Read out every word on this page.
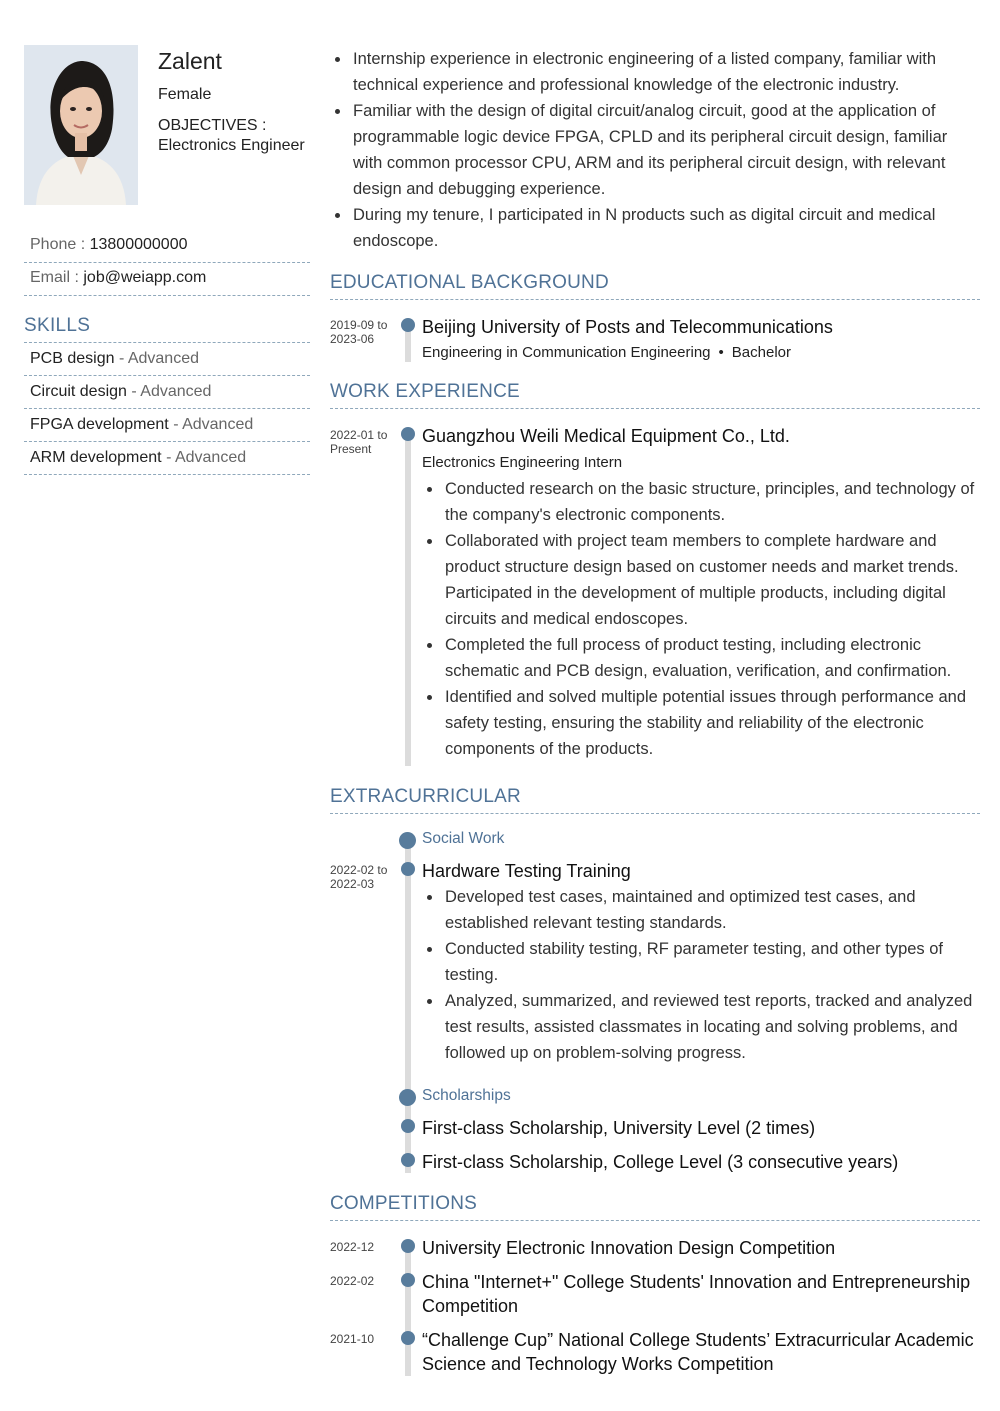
Zalent
Female
OBJECTIVES :
Electronics Engineer
Phone : 13800000000
Email : job@weiapp.com
SKILLS
PCB design - Advanced
Circuit design - Advanced
FPGA development - Advanced
ARM development - Advanced
Internship experience in electronic engineering of a listed company, familiar with technical experience and professional knowledge of the electronic industry.
Familiar with the design of digital circuit/analog circuit, good at the application of programmable logic device FPGA, CPLD and its peripheral circuit design, familiar with common processor CPU, ARM and its peripheral circuit design, with relevant design and debugging experience.
During my tenure, I participated in N products such as digital circuit and medical endoscope.
EDUCATIONAL BACKGROUND
2019-09 to 2023-06
Beijing University of Posts and Telecommunications
Engineering in Communication Engineering • Bachelor
WORK EXPERIENCE
2022-01 to Present
Guangzhou Weili Medical Equipment Co., Ltd.
Electronics Engineering Intern
Conducted research on the basic structure, principles, and technology of the company's electronic components.
Collaborated with project team members to complete hardware and product structure design based on customer needs and market trends. Participated in the development of multiple products, including digital circuits and medical endoscopes.
Completed the full process of product testing, including electronic schematic and PCB design, evaluation, verification, and confirmation.
Identified and solved multiple potential issues through performance and safety testing, ensuring the stability and reliability of the electronic components of the products.
EXTRACURRICULAR
Social Work
2022-02 to 2022-03
Hardware Testing Training
Developed test cases, maintained and optimized test cases, and established relevant testing standards.
Conducted stability testing, RF parameter testing, and other types of testing.
Analyzed, summarized, and reviewed test reports, tracked and analyzed test results, assisted classmates in locating and solving problems, and followed up on problem-solving progress.
Scholarships
First-class Scholarship, University Level (2 times)
First-class Scholarship, College Level (3 consecutive years)
COMPETITIONS
2022-12	University Electronic Innovation Design Competition
2022-02	China "Internet+" College Students' Innovation and Entrepreneurship Competition
2021-10	“Challenge Cup” National College Students’ Extracurricular Academic Science and Technology Works Competition
